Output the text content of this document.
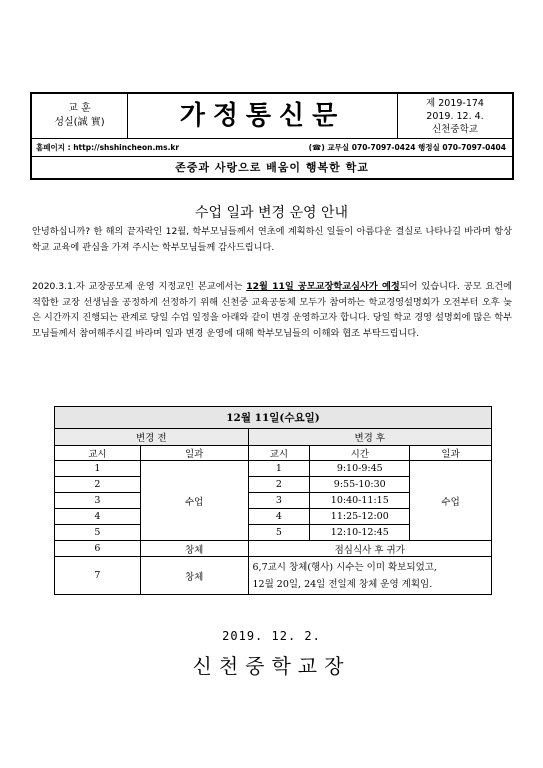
교 훈
성실(誠 實)	가정통신문	제 2019-174
2019. 12. 4.
신천중학교
홈페이지 : http://shshincheon.ms.kr	(☎) 교무실 070-7097-0424 행정실 070-7097-0404
존중과 사랑으로 배움이 행복한 학교
수업 일과 변경 운영 안내

안녕하십니까? 한 해의 끝자락인 12월, 학부모님들께서 연초에 계획하신 일들이 아름다운 결실로 나타나길 바라며 항상 학교 교육에 관심을 가져 주시는 학부모님들께 감사드립니다.

2020.3.1.자 교장공모제 운영 지정교인 본교에서는 12월 11일 공모교장학교심사가 예정되어 있습니다. 공모 요건에 적합한 교장 선생님을 공정하게 선정하기 위해 신천중 교육공동체 모두가 참여하는 학교경영설명회가 오전부터 오후 늦은 시간까지 진행되는 관계로 당일 수업 일정을 아래와 같이 변경 운영하고자 합니다. 당일 학교 경영 설명회에 많은 학부모님들께서 참여해주시길 바라며 일과 변경 운영에 대해 학부모님들의 이해와 협조 부탁드립니다.

12월 11일(수요일)				
변경 전		변경 후		
교시	일과	교시	시간	일과
1	수업	1	9:10-9:45	수업
2		2	9:55-10:30	
3		3	10:40-11:15	
4		4	11:25-12:00	
5		5	12:10-12:45	
6	창체	점심식사 후 귀가		
7	창체	6,7교시 창체(행사) 시수는 이미 확보되었고,
12월 20일, 24일 전일제 창체 운영 계획임.		
2019. 12. 2.
신천중학교장
